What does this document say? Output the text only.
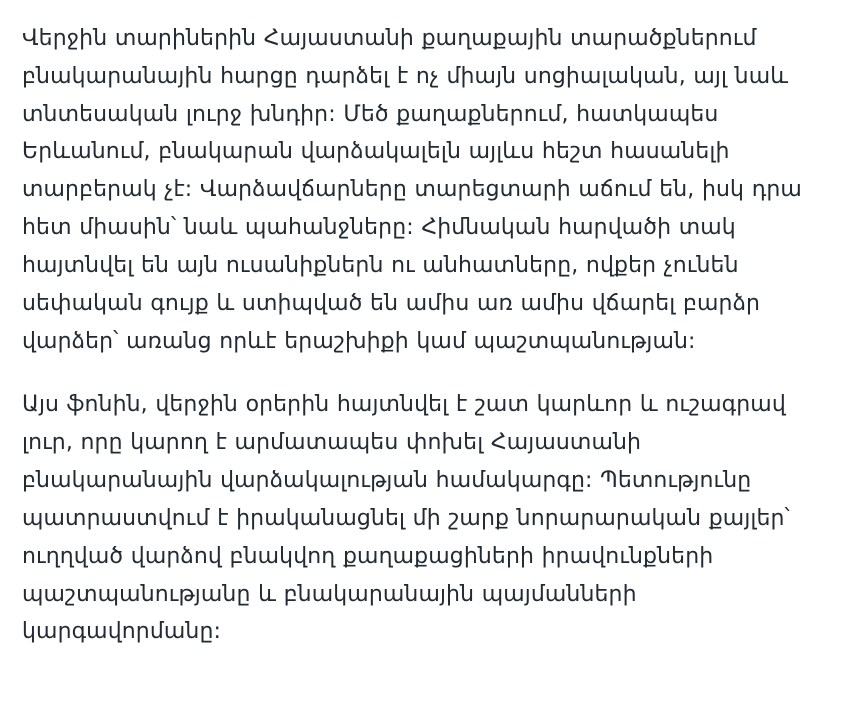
Վերջին տարիներին Հայաստանի քաղաքային տարածքներում բնակարանային հարցը դարձել է ոչ միայն սոցիալական, այլ նաև տնտեսական լուրջ խնդիր: Մեծ քաղաքներում, հատկապես Երևանում, բնակարան վարձակալելն այլևս հեշտ հասանելի տարբերակ չէ: Վարձավճարները տարեցտարի աճում են, իսկ դրա հետ միասին՝ նաև պահանջները: Հիմնական հարվածի տակ հայտնվել են այն ուսանիքներն ու անհատները, ովքեր չունեն սեփական գույք և ստիպված են ամիս առ ամիս վճարել բարձր վարձեր՝ առանց որևէ երաշխիքի կամ պաշտպանության:

Այս ֆոնին, վերջին օրերին հայտնվել է շատ կարևոր և ուշագրավ լուր, որը կարող է արմատապես փոխել Հայաստանի բնակարանային վարձակալության համակարգը: Պետությունը պատրաստվում է իրականացնել մի շարք նորարարական քայլեր՝ ուղղված վարձով բնակվող քաղաքացիների իրավունքների պաշտպանությանը և բնակարանային պայմանների կարգավորմանը:
